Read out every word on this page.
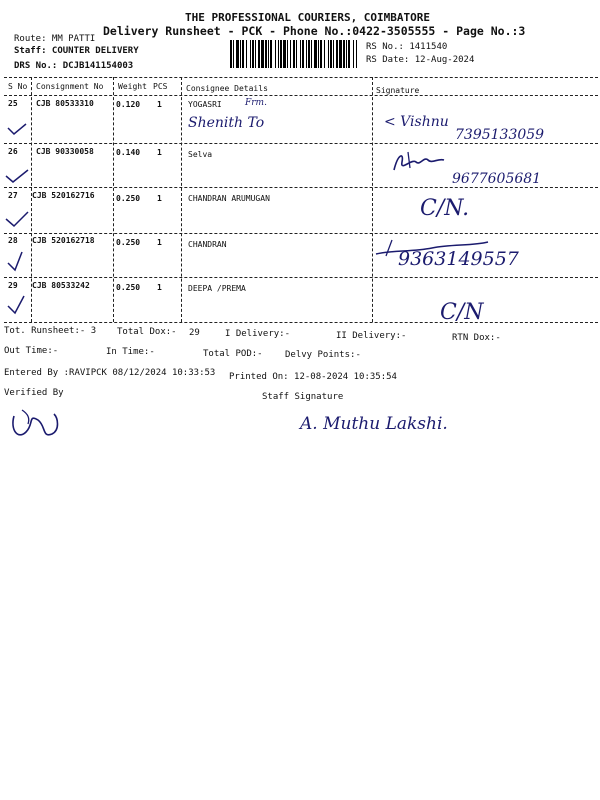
THE PROFESSIONAL COURIERS, COIMBATORE
Delivery Runsheet - PCK - Phone No.:0422-3505555 - Page No.:3
Route: MM PATTI
Staff: COUNTER DELIVERY
DRS No.: DCJB141154003
RS No.: 1411540
RS Date: 12-Aug-2024
S No Consignment No Weight PCS Consignee Details	Signature
25 CJB 80533310	0.120 1	YOGASRI	Frm.
Shenith To	< Vishnu
7395133059
26 CJB 90330058	0.140 1	Selva
9677605681
27 CJB 520162716	0.250 1	CHANDRAN ARUMUGAN	C/N.
28 CJB 520162718	0.250 1	CHANDRAN
9363149557
29 CJB 80533242	0.250 1	DEEPA /PREMA
C/N
Tot. Runsheet:- 3 Total Dox:- 29	I Delivery:-	II Delivery:-	RTN Dox:-
Out Time:-	In Time:-	Total POD:- Delvy Points:-
Entered By :RAVIPCK 08/12/2024 10:33:53 Printed On: 12-08-2024 10:35:54
Verified By	Staff Signature
A. Muthu Lakshi.
